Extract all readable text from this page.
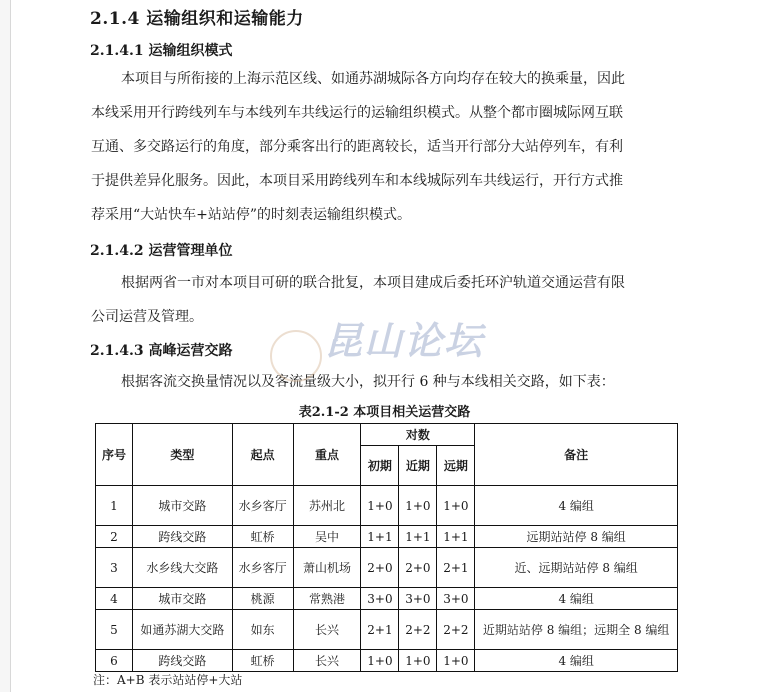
2.1.4 运输组织和运输能力
2.1.4.1 运输组织模式
本项目与所衔接的上海示范区线、如通苏湖城际各方向均存在较大的换乘量，因此
本线采用开行跨线列车与本线列车共线运行的运输组织模式。从整个都市圈城际网互联
互通、多交路运行的角度，部分乘客出行的距离较长，适当开行部分大站停列车，有利
于提供差异化服务。因此，本项目采用跨线列车和本线城际列车共线运行，开行方式推
荐采用“大站快车+站站停”的时刻表运输组织模式。
2.1.4.2 运营管理单位
根据两省一市对本项目可研的联合批复，本项目建成后委托环沪轨道交通运营有限
公司运营及管理。
2.1.4.3 高峰运营交路
根据客流交换量情况以及客流量级大小，拟开行 6 种与本线相关交路，如下表：
昆山论坛
表2.1-2 本项目相关运营交路
序号	类型	起点	重点	对数			备注
				初期	近期	远期	
1	城市交路	水乡客厅	苏州北	1+0	1+0	1+0	4 编组
2	跨线交路	虹桥	吴中	1+1	1+1	1+1	远期站站停 8 编组
3	水乡线大交路	水乡客厅	萧山机场	2+0	2+0	2+1	近、远期站站停 8 编组
4	城市交路	桃源	常熟港	3+0	3+0	3+0	4 编组
5	如通苏湖大交路	如东	长兴	2+1	2+2	2+2	近期站站停 8 编组；远期全 8 编组
6	跨线交路	虹桥	长兴	1+0	1+0	1+0	4 编组
注：A+B 表示站站停+大站
